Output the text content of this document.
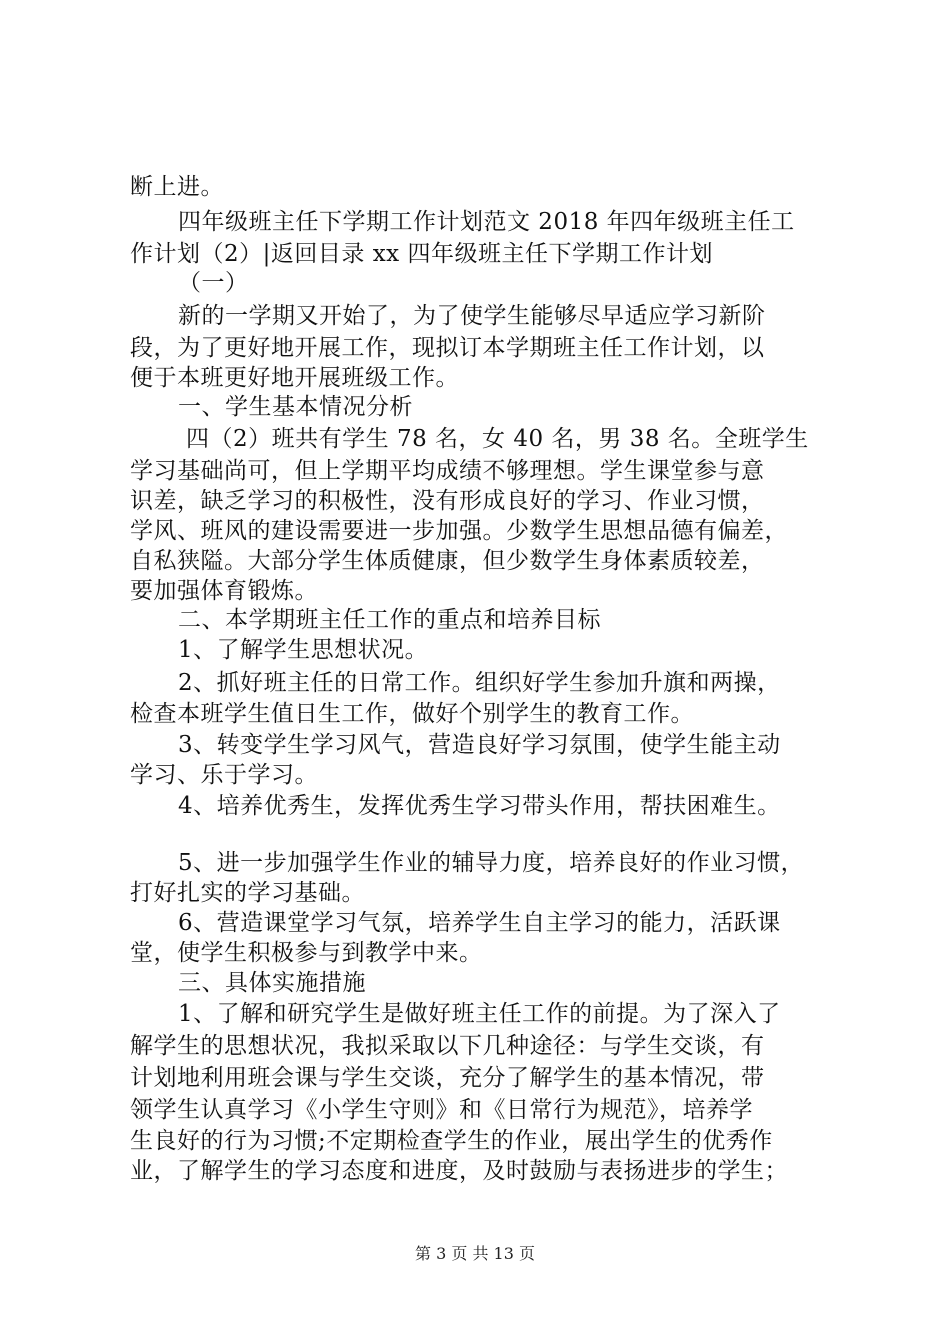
断上进。
四年级班主任下学期工作计划范文 2018 年四年级班主任工
作计划（2）|返回目录 xx 四年级班主任下学期工作计划
（一）
新的一学期又开始了，为了使学生能够尽早适应学习新阶
段，为了更好地开展工作，现拟订本学期班主任工作计划，以
便于本班更好地开展班级工作。
一、学生基本情况分析
四（2）班共有学生 78 名，女 40 名，男 38 名。全班学生
学习基础尚可，但上学期平均成绩不够理想。学生课堂参与意
识差，缺乏学习的积极性，没有形成良好的学习、作业习惯，
学风、班风的建设需要进一步加强。少数学生思想品德有偏差，
自私狭隘。大部分学生体质健康，但少数学生身体素质较差，
要加强体育锻炼。
二、本学期班主任工作的重点和培养目标
1、了解学生思想状况。
2、抓好班主任的日常工作。组织好学生参加升旗和两操，
检查本班学生值日生工作，做好个别学生的教育工作。
3、转变学生学习风气，营造良好学习氛围，使学生能主动
学习、乐于学习。
4、培养优秀生，发挥优秀生学习带头作用，帮扶困难生。
5、进一步加强学生作业的辅导力度，培养良好的作业习惯，
打好扎实的学习基础。
6、营造课堂学习气氛，培养学生自主学习的能力，活跃课
堂，使学生积极参与到教学中来。
三、具体实施措施
1、了解和研究学生是做好班主任工作的前提。为了深入了
解学生的思想状况，我拟采取以下几种途径：与学生交谈，有
计划地利用班会课与学生交谈，充分了解学生的基本情况，带
领学生认真学习《小学生守则》和《日常行为规范》，培养学
生良好的行为习惯;不定期检查学生的作业，展出学生的优秀作
业，了解学生的学习态度和进度，及时鼓励与表扬进步的学生；
第 3 页 共 13 页
